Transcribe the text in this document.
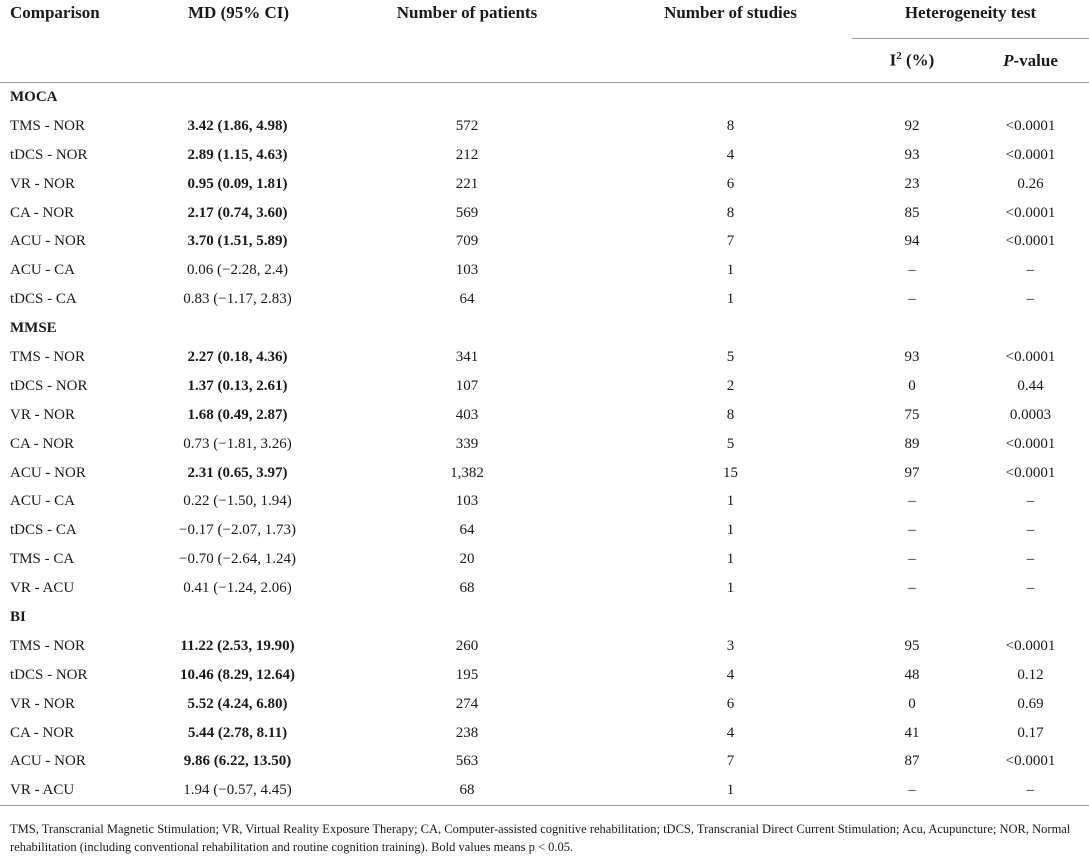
Comparison	MD (95% CI)	Number of patients	Number of studies	Heterogeneity test	
				$I^2$ (%)	P-value
MOCA					
TMS - NOR	3.42 (1.86, 4.98)	572	8	92	<0.0001
tDCS - NOR	2.89 (1.15, 4.63)	212	4	93	<0.0001
VR - NOR	0.95 (0.09, 1.81)	221	6	23	0.26
CA - NOR	2.17 (0.74, 3.60)	569	8	85	<0.0001
ACU - NOR	3.70 (1.51, 5.89)	709	7	94	<0.0001
ACU - CA	0.06 (−2.28, 2.4)	103	1	–	–
tDCS - CA	0.83 (−1.17, 2.83)	64	1	–	–
MMSE					
TMS - NOR	2.27 (0.18, 4.36)	341	5	93	<0.0001
tDCS - NOR	1.37 (0.13, 2.61)	107	2	0	0.44
VR - NOR	1.68 (0.49, 2.87)	403	8	75	0.0003
CA - NOR	0.73 (−1.81, 3.26)	339	5	89	<0.0001
ACU - NOR	2.31 (0.65, 3.97)	1,382	15	97	<0.0001
ACU - CA	0.22 (−1.50, 1.94)	103	1	–	–
tDCS - CA	−0.17 (−2.07, 1.73)	64	1	–	–
TMS - CA	−0.70 (−2.64, 1.24)	20	1	–	–
VR - ACU	0.41 (−1.24, 2.06)	68	1	–	–
BI					
TMS - NOR	11.22 (2.53, 19.90)	260	3	95	<0.0001
tDCS - NOR	10.46 (8.29, 12.64)	195	4	48	0.12
VR - NOR	5.52 (4.24, 6.80)	274	6	0	0.69
CA - NOR	5.44 (2.78, 8.11)	238	4	41	0.17
ACU - NOR	9.86 (6.22, 13.50)	563	7	87	<0.0001
VR - ACU	1.94 (−0.57, 4.45)	68	1	–	–
TMS, Transcranial Magnetic Stimulation; VR, Virtual Reality Exposure Therapy; CA, Computer-assisted cognitive rehabilitation; tDCS, Transcranial Direct Current Stimulation; Acu, Acupuncture; NOR, Normal rehabilitation (including conventional rehabilitation and routine cognition training). Bold values means p < 0.05.
